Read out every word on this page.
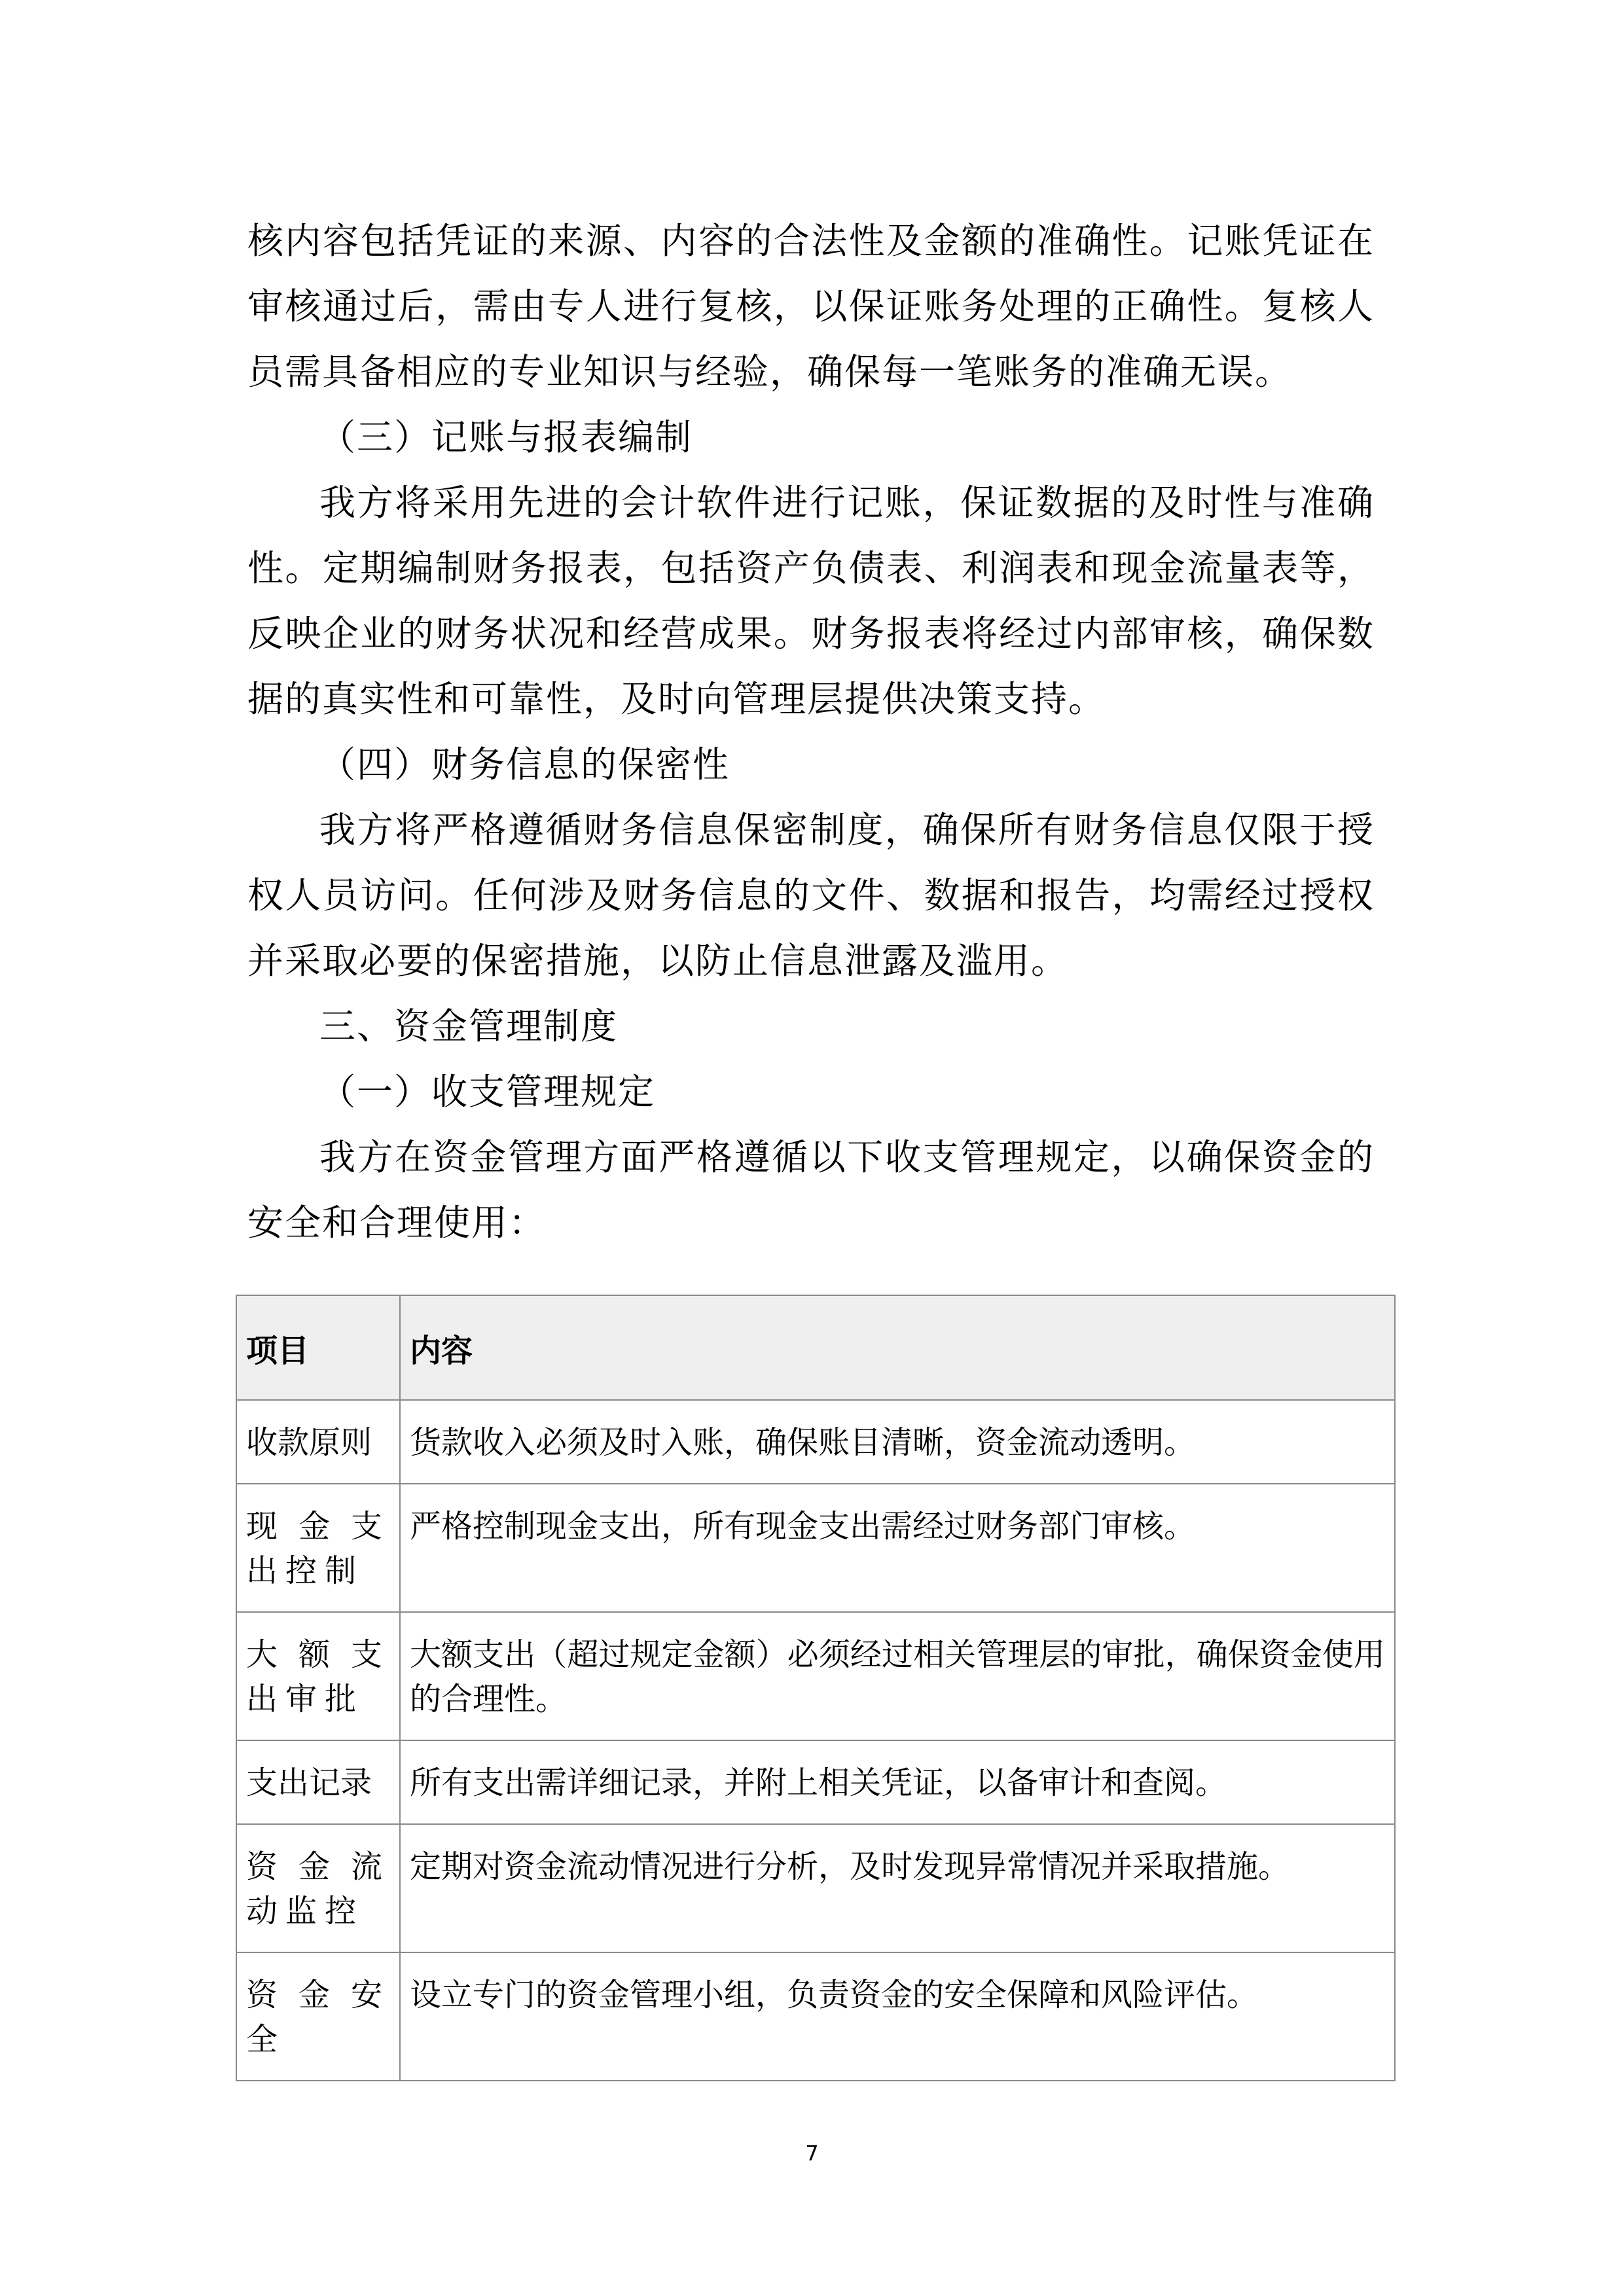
核内容包括凭证的来源、内容的合法性及金额的准确性。记账凭证在审核通过后，需由专人进行复核，以保证账务处理的正确性。复核人员需具备相应的专业知识与经验，确保每一笔账务的准确无误。

（三）记账与报表编制

我方将采用先进的会计软件进行记账，保证数据的及时性与准确性。定期编制财务报表，包括资产负债表、利润表和现金流量表等，反映企业的财务状况和经营成果。财务报表将经过内部审核，确保数据的真实性和可靠性，及时向管理层提供决策支持。

（四）财务信息的保密性

我方将严格遵循财务信息保密制度，确保所有财务信息仅限于授权人员访问。任何涉及财务信息的文件、数据和报告，均需经过授权并采取必要的保密措施，以防止信息泄露及滥用。

三、资金管理制度

（一）收支管理规定

我方在资金管理方面严格遵循以下收支管理规定，以确保资金的安全和合理使用：

项目	内容
收款原则	货款收入必须及时入账，确保账目清晰，资金流动透明。
现金支出控制	严格控制现金支出，所有现金支出需经过财务部门审核。
大额支出审批	大额支出（超过规定金额）必须经过相关管理层的审批，确保资金使用的合理性。
支出记录	所有支出需详细记录，并附上相关凭证，以备审计和查阅。
资金流动监控	定期对资金流动情况进行分析，及时发现异常情况并采取措施。
资金安全	设立专门的资金管理小组，负责资金的安全保障和风险评估。
7
